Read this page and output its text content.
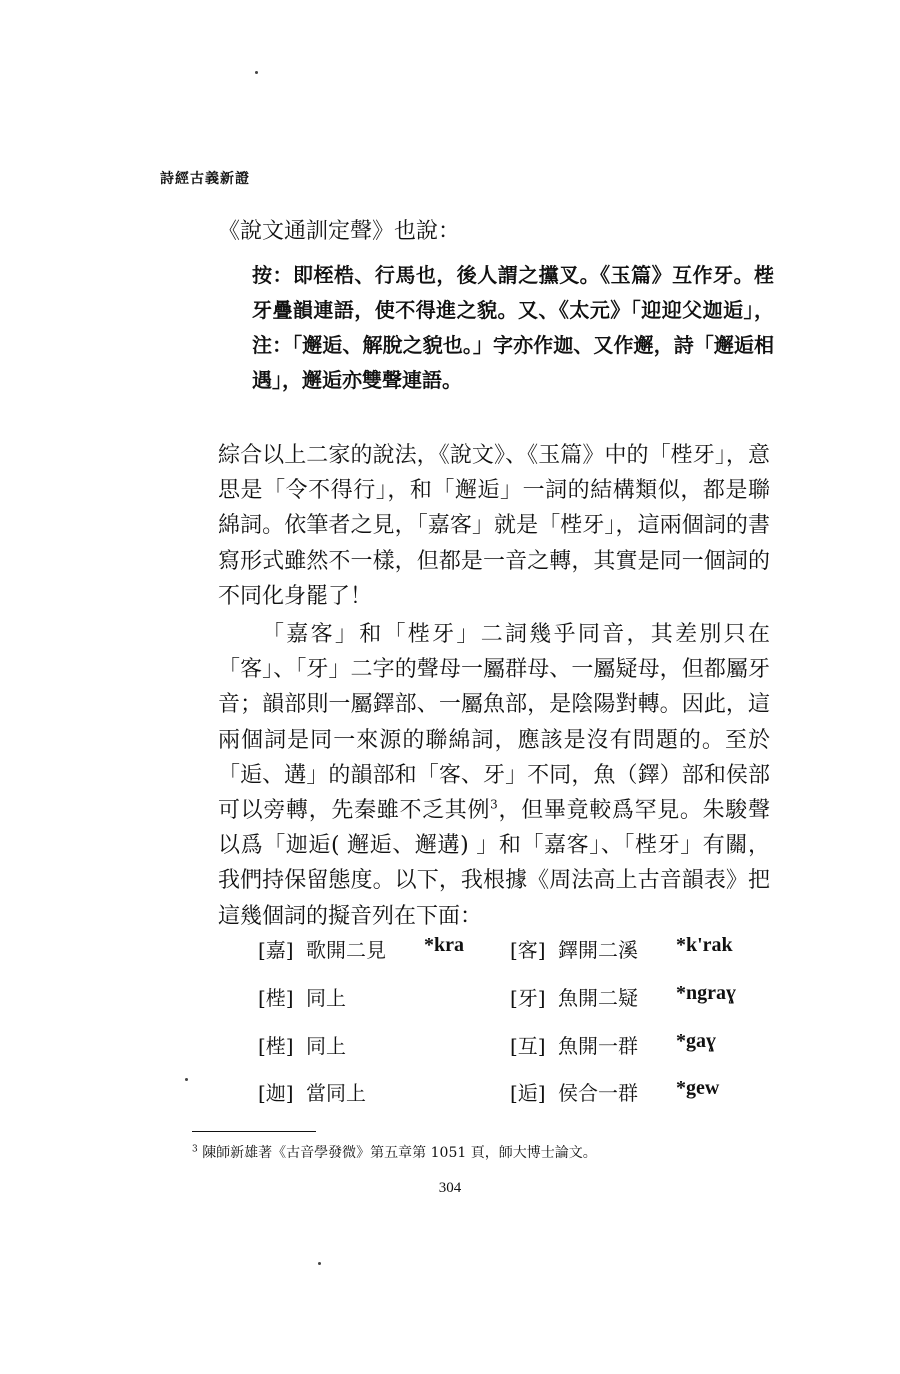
詩經古義新證
《說文通訓定聲》也說：

按：即桎梏、行馬也，後人謂之攩叉。《玉篇》互作牙。梐牙疊韻連語，使不得進之貌。又、《太元》「迎迎父迦逅」，注：「邂逅、解脫之貌也。」字亦作迦、又作邂，詩「邂逅相遇」，邂逅亦雙聲連語。

綜合以上二家的說法，《說文》、《玉篇》中的「梐牙」，意思是「令不得行」，和「邂逅」一詞的結構類似，都是聯綿詞。依筆者之見，「嘉客」就是「梐牙」，這兩個詞的書寫形式雖然不一樣，但都是一音之轉，其實是同一個詞的不同化身罷了！

「嘉客」和「梐牙」二詞幾乎同音，其差別只在「客」、「牙」二字的聲母一屬群母、一屬疑母，但都屬牙音；韻部則一屬鐸部、一屬魚部，是陰陽對轉。因此，這兩個詞是同一來源的聯綿詞，應該是沒有問題的。至於「逅、遘」的韻部和「客、牙」不同，魚（鐸）部和侯部可以旁轉，先秦雖不乏其例$^3$，但畢竟較爲罕見。朱駿聲以爲「迦逅( 邂逅、邂遘) 」和「嘉客」、「梐牙」有關，我們持保留態度。以下，我根據《周法高上古音韻表》把這幾個詞的擬音列在下面：

[嘉] 歌開二見 *kra [客] 鐸開二溪 *k'rak
[梐] 同上	[牙] 魚開二疑 *ngraɣ
[梐] 同上	[互] 魚開一群 *gaɣ
[迦] 當同上	[逅] 侯合一群 *gew
$^3$ 陳師新雄著《古音學發微》第五章第 1051 頁，師大博士論文。
304
